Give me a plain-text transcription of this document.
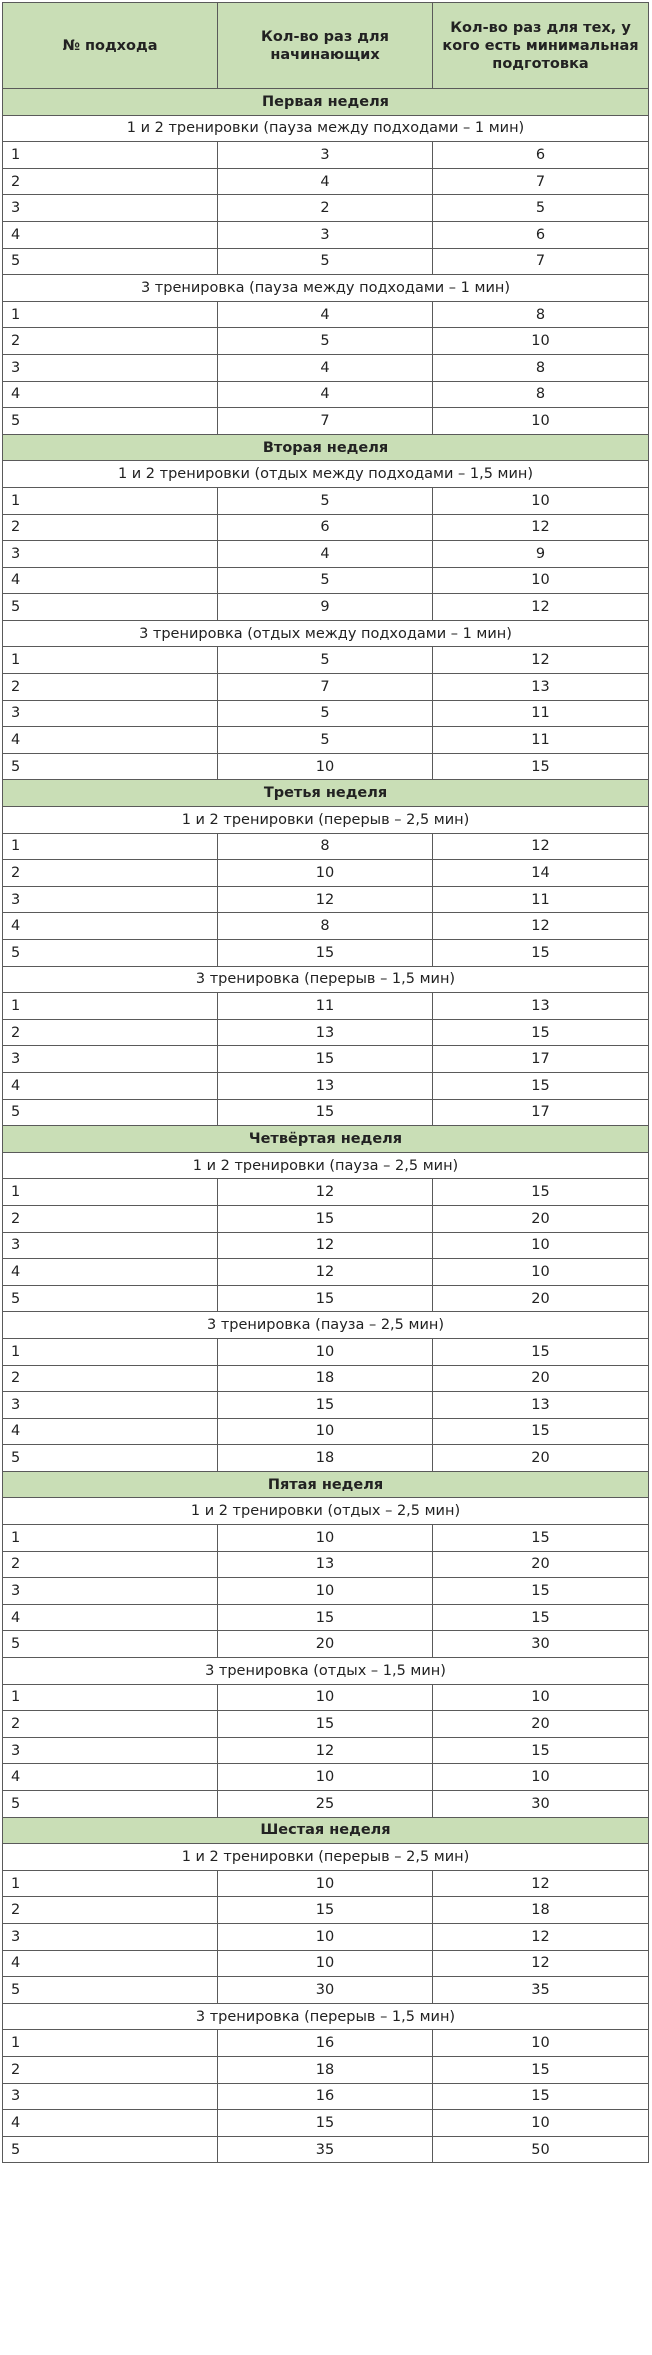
№ подхода	Кол-во раз для начинающих	Кол-во раз для тех, у кого есть минимальная подготовка
Первая неделя		
1 и 2 тренировки (пауза между подходами – 1 мин)		
1	3	6
2	4	7
3	2	5
4	3	6
5	5	7
3 тренировка (пауза между подходами – 1 мин)		
1	4	8
2	5	10
3	4	8
4	4	8
5	7	10
Вторая неделя		
1 и 2 тренировки (отдых между подходами – 1,5 мин)		
1	5	10
2	6	12
3	4	9
4	5	10
5	9	12
3 тренировка (отдых между подходами – 1 мин)		
1	5	12
2	7	13
3	5	11
4	5	11
5	10	15
Третья неделя		
1 и 2 тренировки (перерыв – 2,5 мин)		
1	8	12
2	10	14
3	12	11
4	8	12
5	15	15
3 тренировка (перерыв – 1,5 мин)		
1	11	13
2	13	15
3	15	17
4	13	15
5	15	17
Четвёртая неделя		
1 и 2 тренировки (пауза – 2,5 мин)		
1	12	15
2	15	20
3	12	10
4	12	10
5	15	20
3 тренировка (пауза – 2,5 мин)		
1	10	15
2	18	20
3	15	13
4	10	15
5	18	20
Пятая неделя		
1 и 2 тренировки (отдых – 2,5 мин)		
1	10	15
2	13	20
3	10	15
4	15	15
5	20	30
3 тренировка (отдых – 1,5 мин)		
1	10	10
2	15	20
3	12	15
4	10	10
5	25	30
Шестая неделя		
1 и 2 тренировки (перерыв – 2,5 мин)		
1	10	12
2	15	18
3	10	12
4	10	12
5	30	35
3 тренировка (перерыв – 1,5 мин)		
1	16	10
2	18	15
3	16	15
4	15	10
5	35	50
